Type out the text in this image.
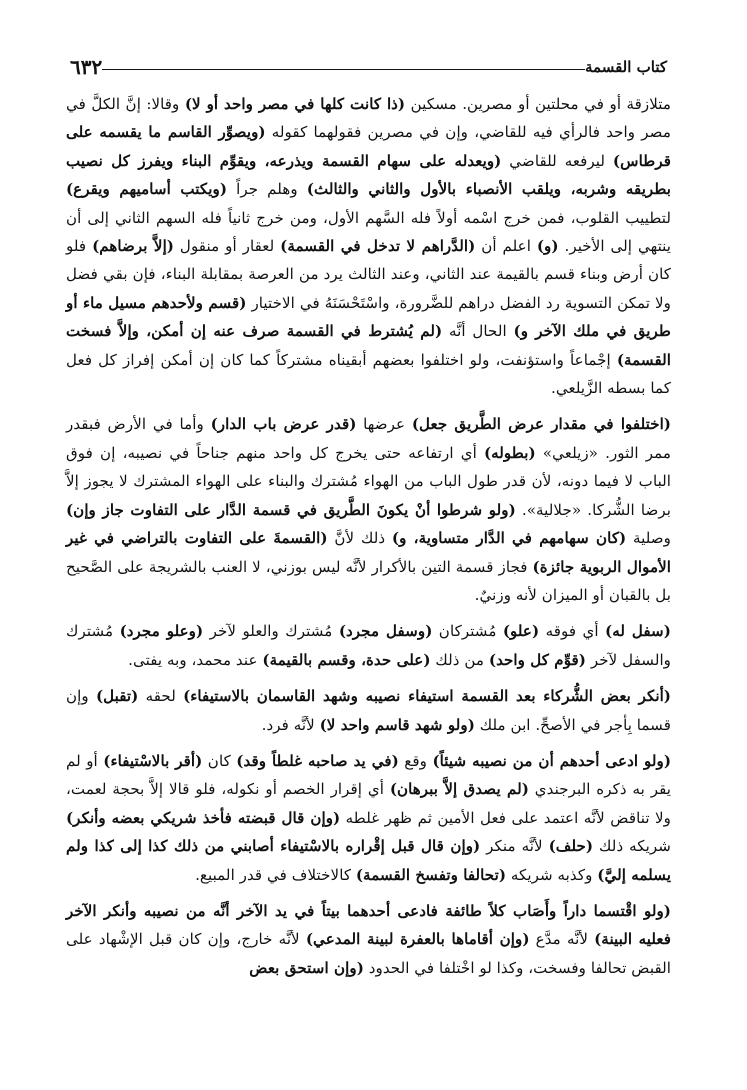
كتاب القسمة
٦٣٢

متلازقة أو في محلتين أو مصرين. مسكين (ذا كانت كلها في مصر واحد أو لا) وقالا: إنَّ الكلَّ في مصر واحد فالرأي فيه للقاضي، وإن في مصرين فقولهما كقوله (ويصوِّر القاسم ما يقسمه على قرطاس) ليرفعه للقاضي (ويعدله على سهام القسمة ويذرعه، ويقوِّم البناء ويفرز كل نصيب بطريقه وشربه، ويلقب الأنصباء بالأول والثاني والثالث) وهلم جراً (ويكتب أساميهم ويقرع) لتطييب القلوب، فمن خرج اسْمه أولاً فله السَّهم الأول، ومن خرج ثانياً فله السهم الثاني إلى أن ينتهي إلى الأخير. (و) اعلم أن (الدَّراهم لا تدخل في القسمة) لعقار أو منقول (إلاَّ برضاهم) فلو كان أرض وبناء قسم بالقيمة عند الثاني، وعند الثالث يرد من العرصة بمقابلة البناء، فإن بقي فضل ولا تمكن التسوية رد الفضل دراهم للضَّرورة، واسْتَحْسَنَهُ في الاختيار (قسم ولأحدهم مسيل ماء أو طريق في ملك الآخر و) الحال أنَّه (لم يُشترط في القسمة صرف عنه إن أمكن، وإلاَّ فسخت القسمة) إجْماعاً واستؤنفت، ولو اختلفوا بعضهم أبقيناه مشتركاً كما كان إن أمكن إفراز كل فعل كما بسطه الزَّيلعي.

(اختلفوا في مقدار عرض الطَّريق جعل) عرضها (قدر عرض باب الدار) وأما في الأرض فبقدر ممر الثور. «زيلعي» (بطوله) أي ارتفاعه حتى يخرج كل واحد منهم جناحاً في نصيبه، إن فوق الباب لا فيما دونه، لأن قدر طول الباب من الهواء مُشترك والبناء على الهواء المشترك لا يجوز إلاَّ برضا الشُّركا. «جلالية». (ولو شرطوا أنْ يكونَ الطَّريق في قسمة الدَّار على التفاوت جاز وإن) وصلية (كان سهامهم في الدَّار متساوية، و) ذلك لأنَّ (القسمةَ على التفاوت بالتراضي في غير الأموال الربوية جائزة) فجاز قسمة التين بالأكرار لأنَّه ليس بوزني، لا العنب بالشريجة على الصَّحيح بل بالقبان أو الميزان لأنه وزنيٌ.

(سفل له) أي فوقه (علو) مُشتركان (وسفل مجرد) مُشترك والعلو لآخر (وعلو مجرد) مُشترك والسفل لآخر (قوِّم كل واحد) من ذلك (على حدة، وقسم بالقيمة) عند محمد، وبه يفتى.

(أنكر بعض الشُّركاء بعد القسمة استيفاء نصيبه وشهد القاسمان بالاستيفاء) لحقه (تقبل) وإن قسما بِأجر في الأصحِّ. ابن ملك (ولو شهد قاسم واحد لا) لأنَّه فرد.

(ولو ادعى أحدهم أن من نصيبه شيئاً) وقع (في يد صاحبه غلطاً وقد) كان (أقر بالاسْتيفاء) أو لم يقر به ذكره البرجندي (لم يصدق إلاَّ ببرهان) أي إقرار الخصم أو نكوله، فلو قالا إلاَّ بحجة لعمت، ولا تناقض لأنَّه اعتمد على فعل الأمين ثم ظهر غلطه (وإن قال قبضته فأخذ شريكي بعضه وأنكر) شريكه ذلك (حلف) لأنَّه منكر (وإن قال قبل إقْراره بالاسْتيفاء أصابني من ذلك كذا إلى كذا ولم يسلمه إليَّ) وكذبه شريكه (تحالفا وتفسخ القسمة) كالاختلاف في قدر المبيع.

(ولو اقْتسما داراً وأَصَاب كلاً طائفة فادعى أحدهما بيتاً في يد الآخر أنَّه من نصيبه وأنكر الآخر فعليه البينة) لأنَّه مدَّع (وإن أقاماها بالعفرة لبينة المدعي) لأنَّه خارج، وإن كان قبل الإشْهاد على القبض تحالفا وفسخت، وكذا لو اخْتلفا في الحدود (وإن استحق بعض
